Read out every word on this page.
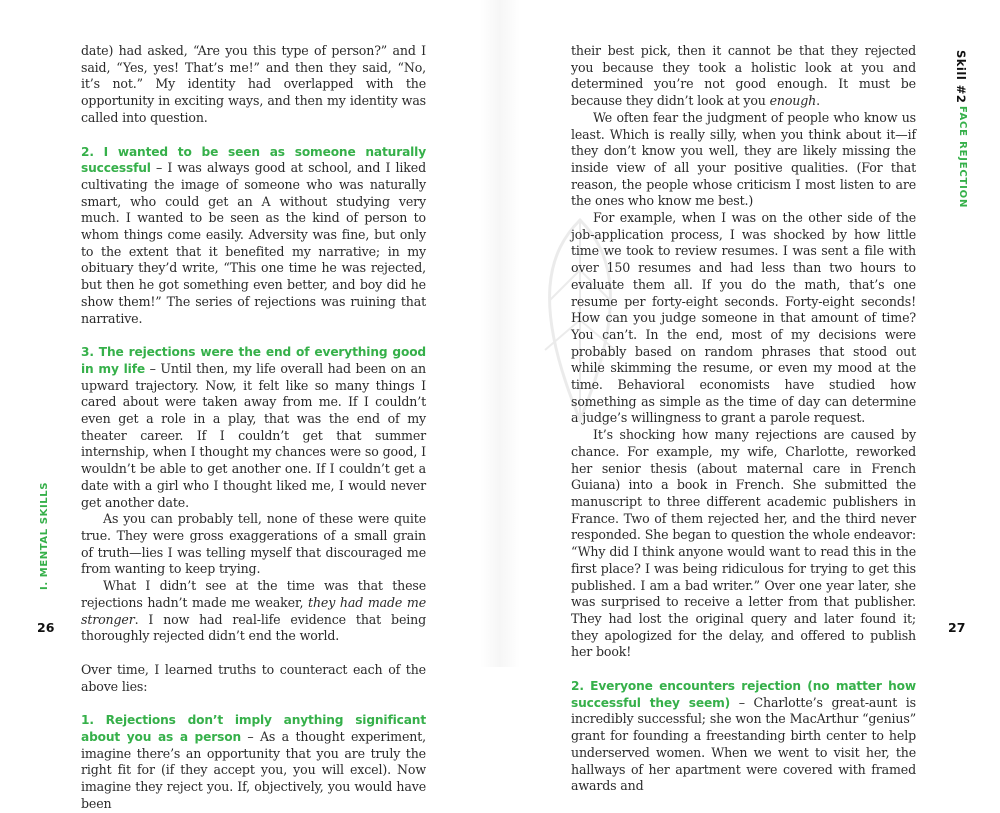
date) had asked, “Are you this type of person?” and I said, “Yes, yes! That’s me!” and then they said, “No, it’s not.” My identity had overlapped with the opportunity in exciting ways, and then my identity was called into question.

2. I wanted to be seen as someone naturally successful – I was always good at school, and I liked cultivating the image of someone who was naturally smart, who could get an A without studying very much. I wanted to be seen as the kind of person to whom things come easily. Adversity was fine, but only to the extent that it benefited my narrative; in my obituary they’d write, “This one time he was rejected, but then he got something even better, and boy did he show them!” The series of rejections was ruining that narrative.

3. The rejections were the end of everything good in my life – Until then, my life overall had been on an upward trajectory. Now, it felt like so many things I cared about were taken away from me. If I couldn’t even get a role in a play, that was the end of my theater career. If I couldn’t get that summer internship, when I thought my chances were so good, I wouldn’t be able to get another one. If I couldn’t get a date with a girl who I thought liked me, I would never get another date.

As you can probably tell, none of these were quite true. They were gross exaggerations of a small grain of truth—lies I was telling myself that discouraged me from wanting to keep trying.

What I didn’t see at the time was that these rejections hadn’t made me weaker, they had made me stronger. I now had real-life evidence that being thoroughly rejected didn’t end the world.

Over time, I learned truths to counteract each of the above lies:

1. Rejections don’t imply anything significant about you as a person – As a thought experiment, imagine there’s an opportunity that you are truly the right fit for (if they accept you, you will excel). Now imagine they reject you. If, objectively, you would have been

I. MENTAL SKILLS
26

their best pick, then it cannot be that they rejected you because they took a holistic look at you and determined you’re not good enough. It must be because they didn’t look at you enough.

We often fear the judgment of people who know us least. Which is really silly, when you think about it—if they don’t know you well, they are likely missing the inside view of all your positive qualities. (For that reason, the people whose criticism I most listen to are the ones who know me best.)

For example, when I was on the other side of the job-application process, I was shocked by how little time we took to review resumes. I was sent a file with over 150 resumes and had less than two hours to evaluate them all. If you do the math, that’s one resume per forty-eight seconds. Forty-eight seconds! How can you judge someone in that amount of time? You can’t. In the end, most of my decisions were probably based on random phrases that stood out while skimming the resume, or even my mood at the time. Behavioral economists have studied how something as simple as the time of day can determine a judge’s willingness to grant a parole request.

It’s shocking how many rejections are caused by chance. For example, my wife, Charlotte, reworked her senior thesis (about maternal care in French Guiana) into a book in French. She submitted the manuscript to three different academic publishers in France. Two of them rejected her, and the third never responded. She began to question the whole endeavor: “Why did I think anyone would want to read this in the first place? I was being ridiculous for trying to get this published. I am a bad writer.” Over one year later, she was surprised to receive a letter from that publisher. They had lost the original query and later found it; they apologized for the delay, and offered to publish her book!

2. Everyone encounters rejection (no matter how successful they seem) – Charlotte’s great-aunt is incredibly successful; she won the MacArthur “genius” grant for founding a freestanding birth center to help underserved women. When we went to visit her, the hallways of her apartment were covered with framed awards and

Skill #2
FACE REJECTION
27
